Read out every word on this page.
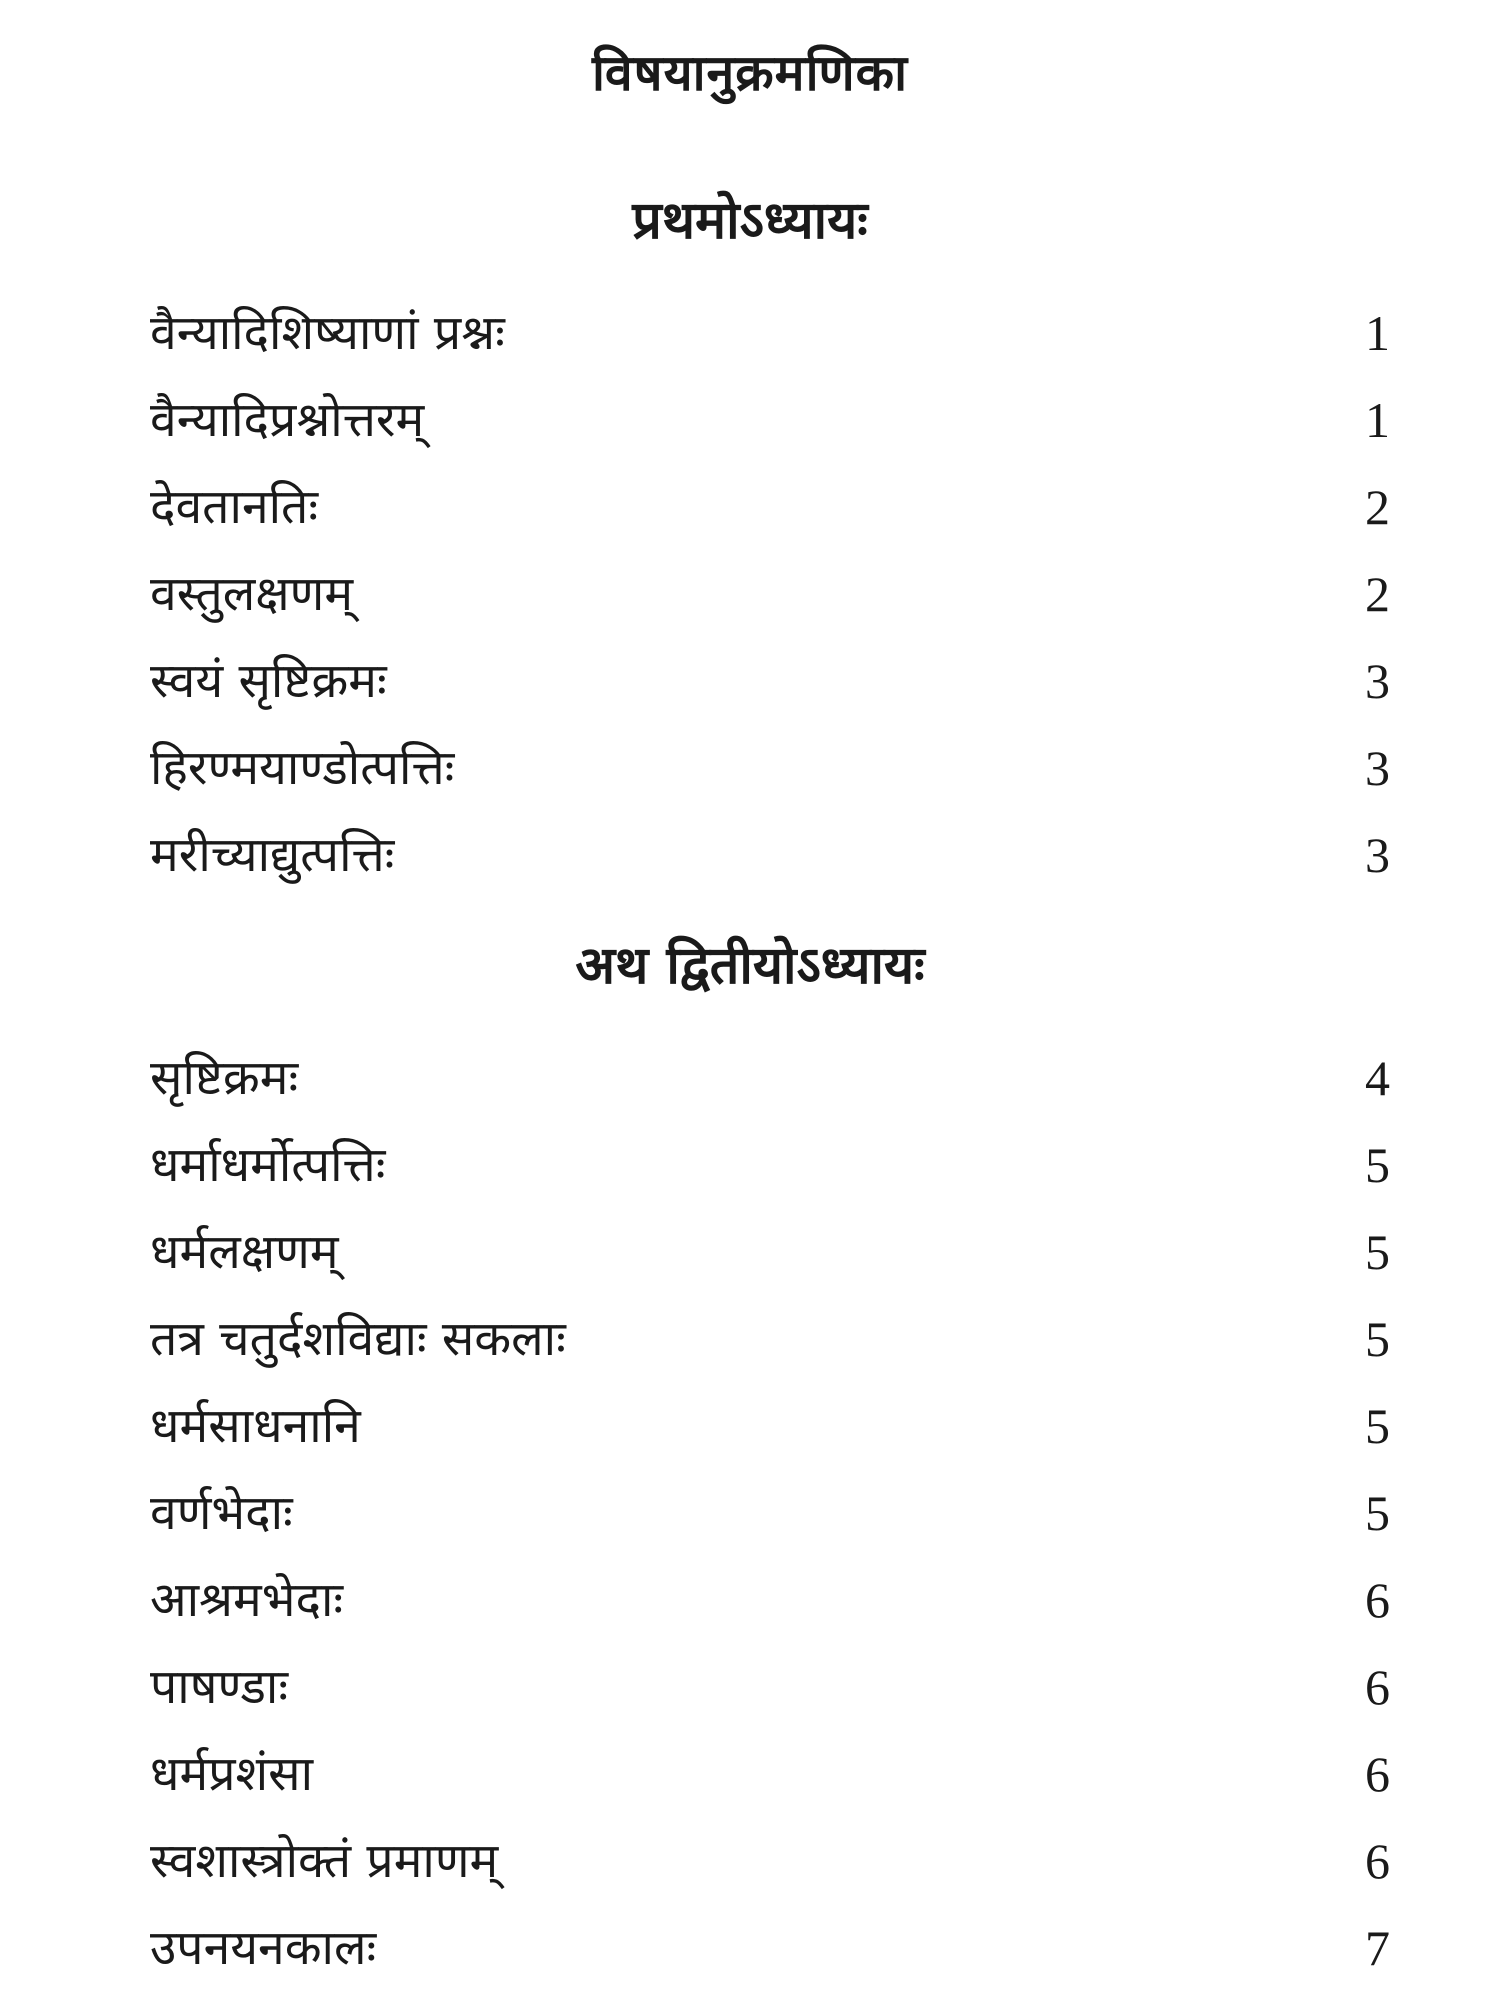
विषयानुक्रमणिका
प्रथमोऽध्यायः
वैन्यादिशिष्याणां प्रश्नः	1
वैन्यादिप्रश्नोत्तरम्	1
देवतानतिः	2
वस्तुलक्षणम्	2
स्वयं सृष्टिक्रमः	3
हिरण्मयाण्डोत्पत्तिः	3
मरीच्याद्युत्पत्तिः	3
अथ द्वितीयोऽध्यायः
सृष्टिक्रमः	4
धर्माधर्मोत्पत्तिः	5
धर्मलक्षणम्	5
तत्र चतुर्दशविद्याः सकलाः	5
धर्मसाधनानि	5
वर्णभेदाः	5
आश्रमभेदाः	6
पाषण्डाः	6
धर्मप्रशंसा	6
स्वशास्त्रोक्तं प्रमाणम्	6
उपनयनकालः	7
